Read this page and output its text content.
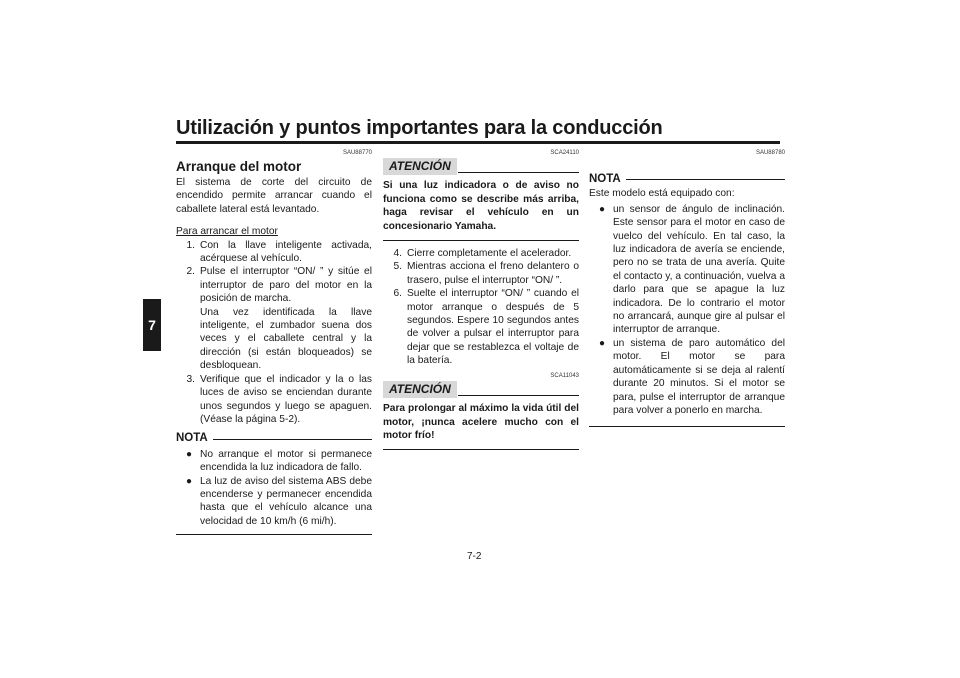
Utilización y puntos importantes para la conducción
7
7-2
SAU88770
Arranque del motor

El sistema de corte del circuito de encendido permite arrancar cuando el caballete lateral está levantado.

Para arrancar el motor
1. Con la llave inteligente activada, acérquese al vehículo.
2. Pulse el interruptor “ON/ ” y sitúe el interruptor de paro del motor en la posición de marcha.
Una vez identificada la llave inteligente, el zumbador suena dos veces y el caballete central y la dirección (si están bloqueados) se desbloquean.
3. Verifique que el indicador y la o las luces de aviso se enciendan durante unos segundos y luego se apaguen. (Véase la página 5-2).
NOTA
● No arranque el motor si permanece encendida la luz indicadora de fallo.
● La luz de aviso del sistema ABS debe encenderse y permanecer encendida hasta que el vehículo alcance una velocidad de 10 km/h (6 mi/h).
SCA24110
ATENCIÓN

Si una luz indicadora o de aviso no funciona como se describe más arriba, haga revisar el vehículo en un concesionario Yamaha.

4. Cierre completamente el acelerador.
5. Mientras acciona el freno delantero o trasero, pulse el interruptor “ON/ ”.
6. Suelte el interruptor “ON/ ” cuando el motor arranque o después de 5 segundos. Espere 10 segundos antes de volver a pulsar el interruptor para dejar que se restablezca el voltaje de la batería.
SCA11043
ATENCIÓN

Para prolongar al máximo la vida útil del motor, ¡nunca acelere mucho con el motor frío!

SAU88780
NOTA

Este modelo está equipado con:

● un sensor de ángulo de inclinación. Este sensor para el motor en caso de vuelco del vehículo. En tal caso, la luz indicadora de avería se enciende, pero no se trata de una avería. Quite el contacto y, a continuación, vuelva a darlo para que se apague la luz indicadora. De lo contrario el motor no arrancará, aunque gire al pulsar el interruptor de arranque.
● un sistema de paro automático del motor. El motor se para automáticamente si se deja al ralentí durante 20 minutos. Si el motor se para, pulse el interruptor de arranque para volver a ponerlo en marcha.
